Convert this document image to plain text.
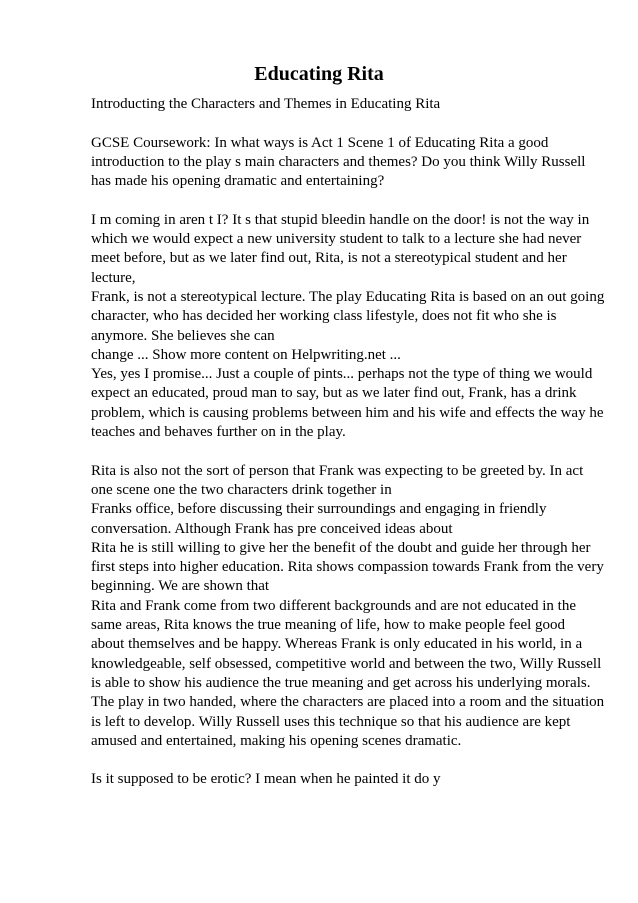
Educating Rita
Introducting the Characters and Themes in Educating Rita
GCSE Coursework: In what ways is Act 1 Scene 1 of Educating Rita a good
introduction to the play s main characters and themes? Do you think Willy Russell
has made his opening dramatic and entertaining?
I m coming in aren t I? It s that stupid bleedin handle on the door! is not the way in
which we would expect a new university student to talk to a lecture she had never
meet before, but as we later find out, Rita, is not a stereotypical student and her
lecture,
Frank, is not a stereotypical lecture. The play Educating Rita is based on an out going
character, who has decided her working class lifestyle, does not fit who she is
anymore. She believes she can
change ... Show more content on Helpwriting.net ...
Yes, yes I promise... Just a couple of pints... perhaps not the type of thing we would
expect an educated, proud man to say, but as we later find out, Frank, has a drink
problem, which is causing problems between him and his wife and effects the way he
teaches and behaves further on in the play.
Rita is also not the sort of person that Frank was expecting to be greeted by. In act
one scene one the two characters drink together in
Franks office, before discussing their surroundings and engaging in friendly
conversation. Although Frank has pre conceived ideas about
Rita he is still willing to give her the benefit of the doubt and guide her through her
first steps into higher education. Rita shows compassion towards Frank from the very
beginning. We are shown that
Rita and Frank come from two different backgrounds and are not educated in the
same areas, Rita knows the true meaning of life, how to make people feel good
about themselves and be happy. Whereas Frank is only educated in his world, in a
knowledgeable, self obsessed, competitive world and between the two, Willy Russell
is able to show his audience the true meaning and get across his underlying morals.
The play in two handed, where the characters are placed into a room and the situation
is left to develop. Willy Russell uses this technique so that his audience are kept
amused and entertained, making his opening scenes dramatic.
Is it supposed to be erotic? I mean when he painted it do y
